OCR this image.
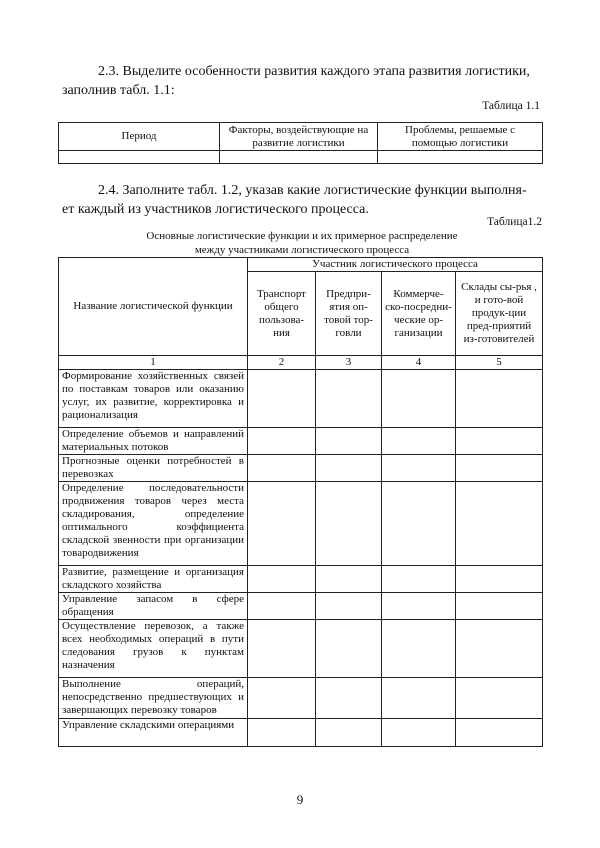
2.3. Выделите особенности развития каждого этапа развития логистики,
заполнив табл. 1.1:
Таблица 1.1
Период	Факторы, воздействующие на развитие логистики	Проблемы, решаемые с помощью логистики

2.4. Заполните табл. 1.2, указав какие логистические функции выполня-
ет каждый из участников логистического процесса.
Таблица1.2
Основные логистические функции и их примерное распределение
между участниками логистического процесса
Название логистической функции	Участник логистического процесса			
	Транспорт общего пользова-ния	Предпри-ятия оп-товой тор-говли	Коммерче-ско-посредни-ческие ор-ганизации	Склады сы-рья , и гото-вой продук-ции пред-приятий из-готовителей
1	2	3	4	5
Формирование хозяйственных связей по поставкам товаров или оказанию услуг, их развитие, корректировка и рационализация				
Определение объемов и направлений материальных потоков				
Прогнозные оценки потребностей в перевозках				
Определение последовательности продвижения товаров через места складирования, определение оптимального коэффициента складской звенности при организации товародвижения				
Развитие, размещение и организация складского хозяйства				
Управление запасом в сфере обращения				
Осуществление перевозок, а также всех необходимых операций в пути следования грузов к пунктам назначения				
Выполнение операций, непосредственно предшествующих и завершающих перевозку товаров				
Управление складскими операциями				
9
